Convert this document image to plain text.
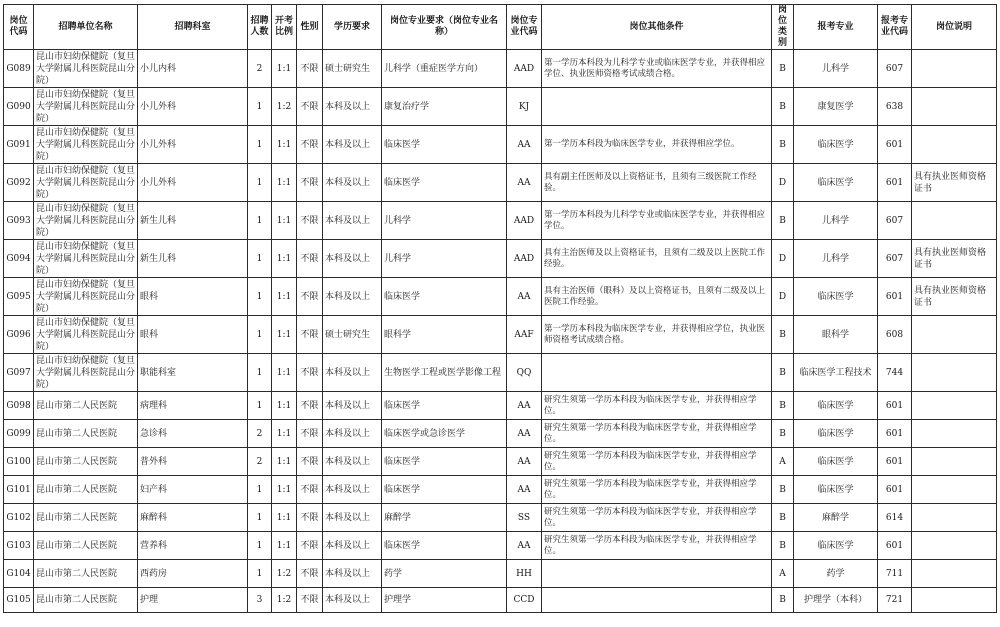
岗位代码	招聘单位名称	招聘科室	招聘人数	开考比例	性别	学历要求	岗位专业要求（岗位专业名称）	岗位专业代码	岗位其他条件	岗位类别	报考专业	报考专业代码	岗位说明
G089	昆山市妇幼保健院（复旦大学附属儿科医院昆山分院）	小儿内科	2	1:1	不限	硕士研究生	儿科学（重症医学方向）	AAD	第一学历本科段为儿科学专业或临床医学专业，并获得相应学位、执业医师资格考试成绩合格。	B	儿科学	607	
G090	昆山市妇幼保健院（复旦大学附属儿科医院昆山分院）	小儿外科	1	1:2	不限	本科及以上	康复治疗学	KJ		B	康复医学	638	
G091	昆山市妇幼保健院（复旦大学附属儿科医院昆山分院）	小儿外科	1	1:1	不限	本科及以上	临床医学	AA	第一学历本科段为临床医学专业，并获得相应学位。	B	临床医学	601	
G092	昆山市妇幼保健院（复旦大学附属儿科医院昆山分院）	小儿外科	1	1:1	不限	本科及以上	临床医学	AA	具有副主任医师及以上资格证书，且须有三级医院工作经验。	D	临床医学	601	具有执业医师资格证书
G093	昆山市妇幼保健院（复旦大学附属儿科医院昆山分院）	新生儿科	1	1:1	不限	本科及以上	儿科学	AAD	第一学历本科段为儿科学专业或临床医学专业，并获得相应学位。	B	儿科学	607	
G094	昆山市妇幼保健院（复旦大学附属儿科医院昆山分院）	新生儿科	1	1:1	不限	本科及以上	儿科学	AAD	具有主治医师及以上资格证书，且须有二级及以上医院工作经验。	D	儿科学	607	具有执业医师资格证书
G095	昆山市妇幼保健院（复旦大学附属儿科医院昆山分院）	眼科	1	1:1	不限	本科及以上	临床医学	AA	具有主治医师（眼科）及以上资格证书，且须有二级及以上医院工作经验。	D	临床医学	601	具有执业医师资格证书
G096	昆山市妇幼保健院（复旦大学附属儿科医院昆山分院）	眼科	1	1:1	不限	硕士研究生	眼科学	AAF	第一学历本科段为临床医学专业，并获得相应学位，执业医师资格考试成绩合格。	B	眼科学	608	
G097	昆山市妇幼保健院（复旦大学附属儿科医院昆山分院）	职能科室	1	1:1	不限	本科及以上	生物医学工程或医学影像工程	QQ		B	临床医学工程技术	744	
G098	昆山市第二人民医院	病理科	1	1:1	不限	本科及以上	临床医学	AA	研究生须第一学历本科段为临床医学专业，并获得相应学位。	B	临床医学	601	
G099	昆山市第二人民医院	急诊科	2	1:1	不限	本科及以上	临床医学或急诊医学	AA	研究生须第一学历本科段为临床医学专业，并获得相应学位。	B	临床医学	601	
G100	昆山市第二人民医院	普外科	2	1:1	不限	本科及以上	临床医学	AA	研究生须第一学历本科段为临床医学专业，并获得相应学位。	A	临床医学	601	
G101	昆山市第二人民医院	妇产科	1	1:1	不限	本科及以上	临床医学	AA	研究生须第一学历本科段为临床医学专业，并获得相应学位。	B	临床医学	601	
G102	昆山市第二人民医院	麻醉科	1	1:1	不限	本科及以上	麻醉学	SS	研究生须第一学历本科段为临床医学专业，并获得相应学位。	B	麻醉学	614	
G103	昆山市第二人民医院	营养科	1	1:1	不限	本科及以上	临床医学	AA	研究生须第一学历本科段为临床医学专业，并获得相应学位。	B	临床医学	601	
G104	昆山市第二人民医院	西药房	1	1:2	不限	本科及以上	药学	HH		A	药学	711	
G105	昆山市第二人民医院	护理	3	1:2	不限	本科及以上	护理学	CCD		B	护理学（本科）	721	
